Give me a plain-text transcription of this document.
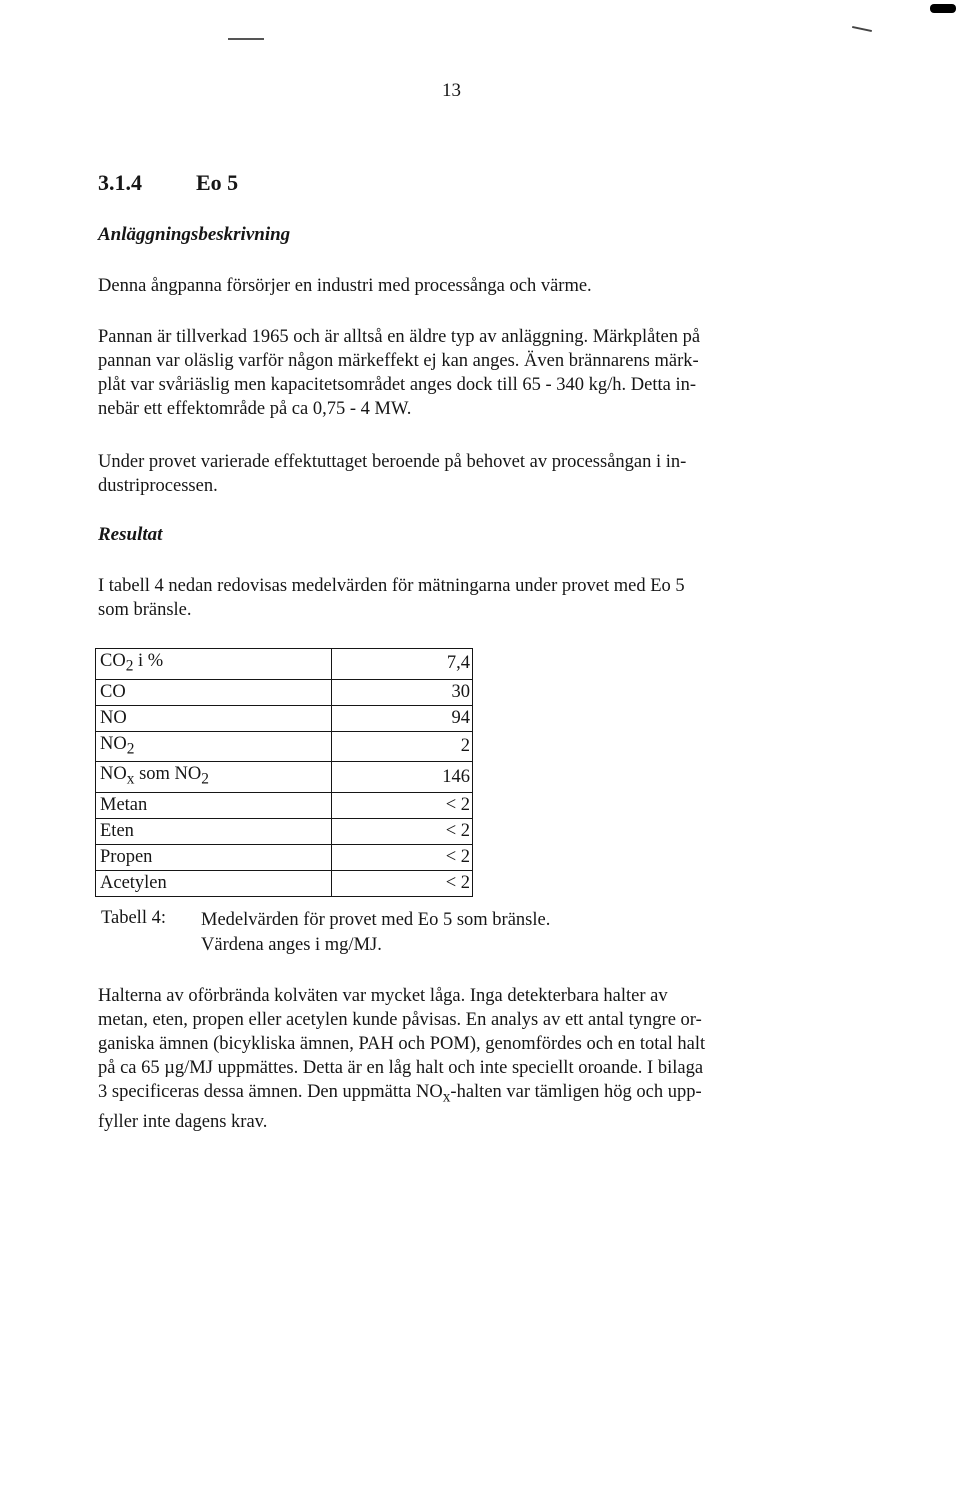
13
3.1.4 Eo 5
Anläggningsbeskrivning
Denna ångpanna försörjer en industri med processånga och värme.
Pannan är tillverkad 1965 och är alltså en äldre typ av anläggning. Märkplåten på
pannan var oläslig varför någon märkeffekt ej kan anges. Även brännarens märk-
plåt var svåriäslig men kapacitetsområdet anges dock till 65 - 340 kg/h. Detta in-
nebär ett effektområde på ca 0,75 - 4 MW.
Under provet varierade effektuttaget beroende på behovet av processångan i in-
dustriprocessen.
Resultat
I tabell 4 nedan redovisas medelvärden för mätningarna under provet med Eo 5
som bränsle.
$CO_2$ i %	7,4
CO	30
NO	94
$NO_2$	2
$NO_x$ som $NO_2$	146
Metan	< 2
Eten	< 2
Propen	< 2
Acetylen	< 2
Tabell 4: Medelvärden för provet med Eo 5 som bränsle.
Värdena anges i mg/MJ.
Halterna av oförbrända kolväten var mycket låga. Inga detekterbara halter av
metan, eten, propen eller acetylen kunde påvisas. En analys av ett antal tyngre or-
ganiska ämnen (bicykliska ämnen, PAH och POM), genomfördes och en total halt
på ca 65 µg/MJ uppmättes. Detta är en låg halt och inte speciellt oroande. I bilaga
3 specificeras dessa ämnen. Den uppmätta $NO_x$-halten var tämligen hög och upp-
fyller inte dagens krav.
